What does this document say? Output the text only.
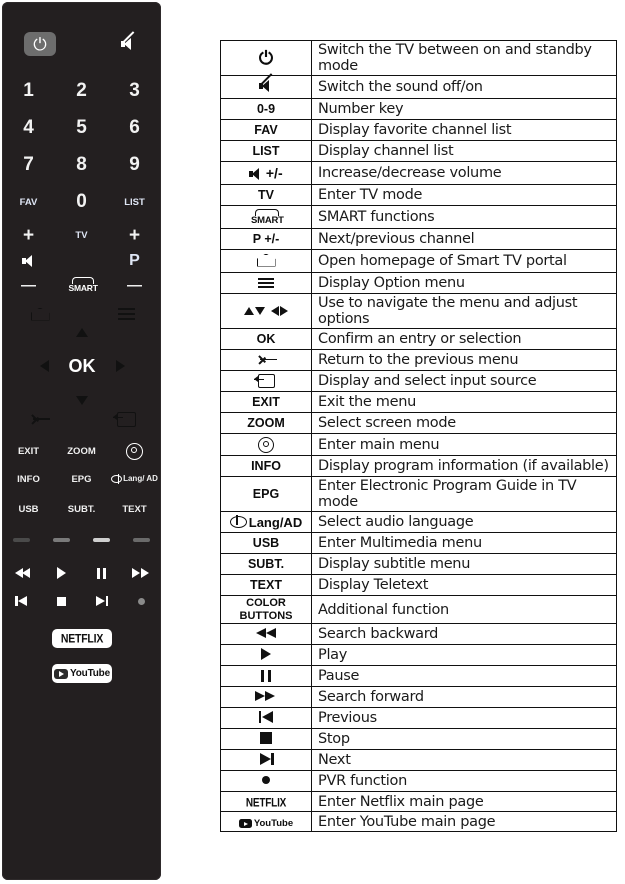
⏻
1 2 3
4 5 6
7 8 9
FAV 0	LIST
+	TV +
P
—	SMART —
OK
EXIT	ZOOM
INFO	EPG	Lang/ AD
USB	SUBT.	TEXT
NETFLIX
YouTube
⏻	Switch the TV between on and standby mode

	Switch the sound off/on
0-9	Number key
FAV	Display favorite channel list
LIST	Display channel list

+/-	Increase/decrease volume
TV	Enter TV mode

SMART	SMART functions
P +/-	Next/previous channel
	Open homepage of Smart TV portal

	Display Option menu

	Use to navigate the menu and adjust options
OK	Confirm an entry or selection

	Return to the previous menu
	Display and select input source
EXIT	Exit the menu
ZOOM	Select screen mode
	Enter main menu
INFO	Display program information (if available)
EPG	Enter Electronic Program Guide in TV mode
Lang/AD	Select audio language
USB	Enter Multimedia menu
SUBT.	Display subtitle menu
TEXT	Display Teletext

COLOR
BUTTONS	Additional function

	Search backward
	Play

	Pause

	Search forward

	Previous
	Stop

	Next
	PVR function
NETFLIX	Enter Netflix main page

YouTube	Enter YouTube main page
